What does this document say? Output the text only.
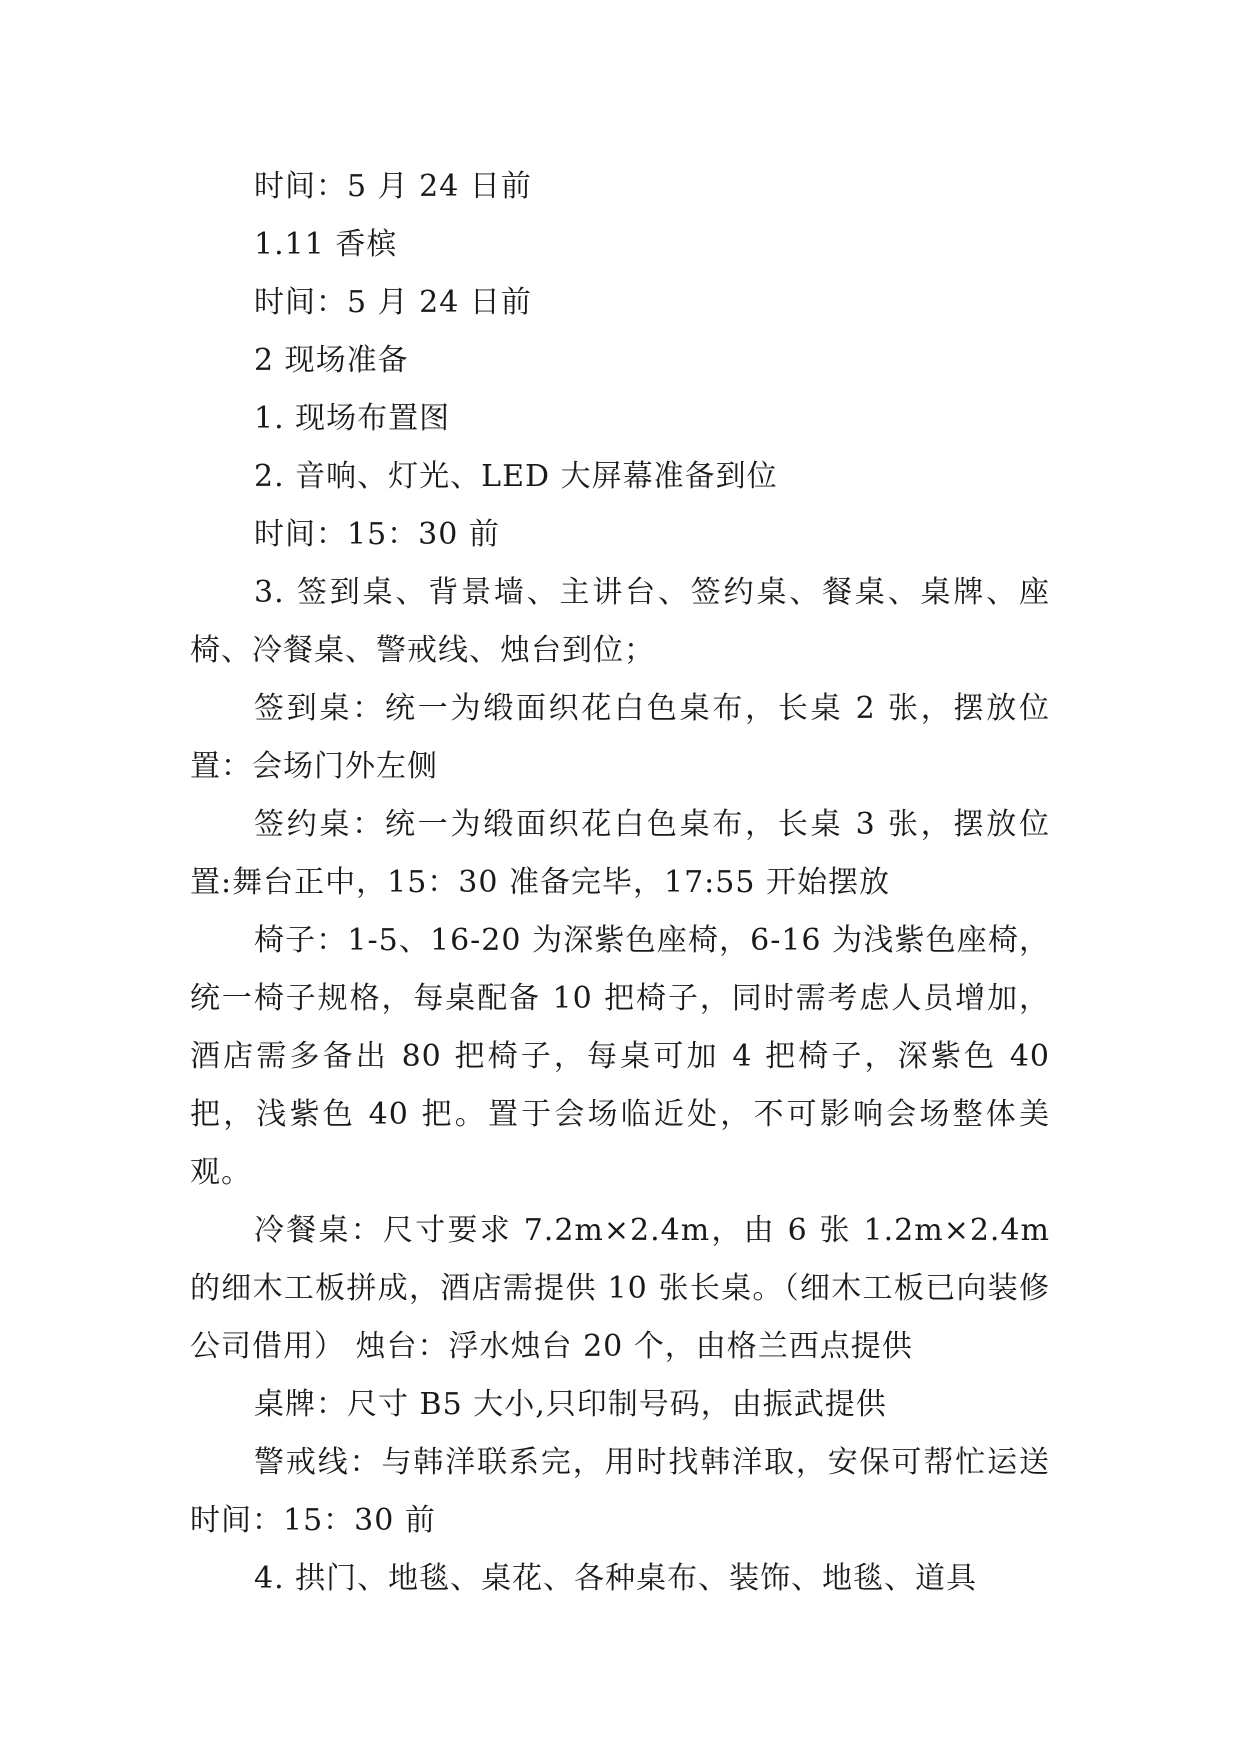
时间：5 月 24 日前

1.11 香槟

时间：5 月 24 日前

2 现场准备

1. 现场布置图

2. 音响、灯光、LED 大屏幕准备到位

时间：15：30 前

3. 签到桌、背景墙、主讲台、签约桌、餐桌、桌牌、座椅、冷餐桌、警戒线、烛台到位；

签到桌：统一为缎面织花白色桌布，长桌 2 张，摆放位置：会场门外左侧

签约桌：统一为缎面织花白色桌布，长桌 3 张，摆放位置:舞台正中，15：30 准备完毕，17:55 开始摆放

椅子：1-5、16-20 为深紫色座椅，6-16 为浅紫色座椅，统一椅子规格，每桌配备 10 把椅子，同时需考虑人员增加，酒店需多备出 80 把椅子，每桌可加 4 把椅子，深紫色 40 把，浅紫色 40 把。置于会场临近处，不可影响会场整体美观。

冷餐桌：尺寸要求 7.2m×2.4m，由 6 张 1.2m×2.4m 的细木工板拼成，酒店需提供 10 张长桌。（细木工板已向装修公司借用） 烛台：浮水烛台 20 个，由格兰西点提供

桌牌：尺寸 B5 大小,只印制号码，由振武提供

警戒线：与韩洋联系完，用时找韩洋取，安保可帮忙运送 时间：15：30 前

4. 拱门、地毯、桌花、各种桌布、装饰、地毯、道具
